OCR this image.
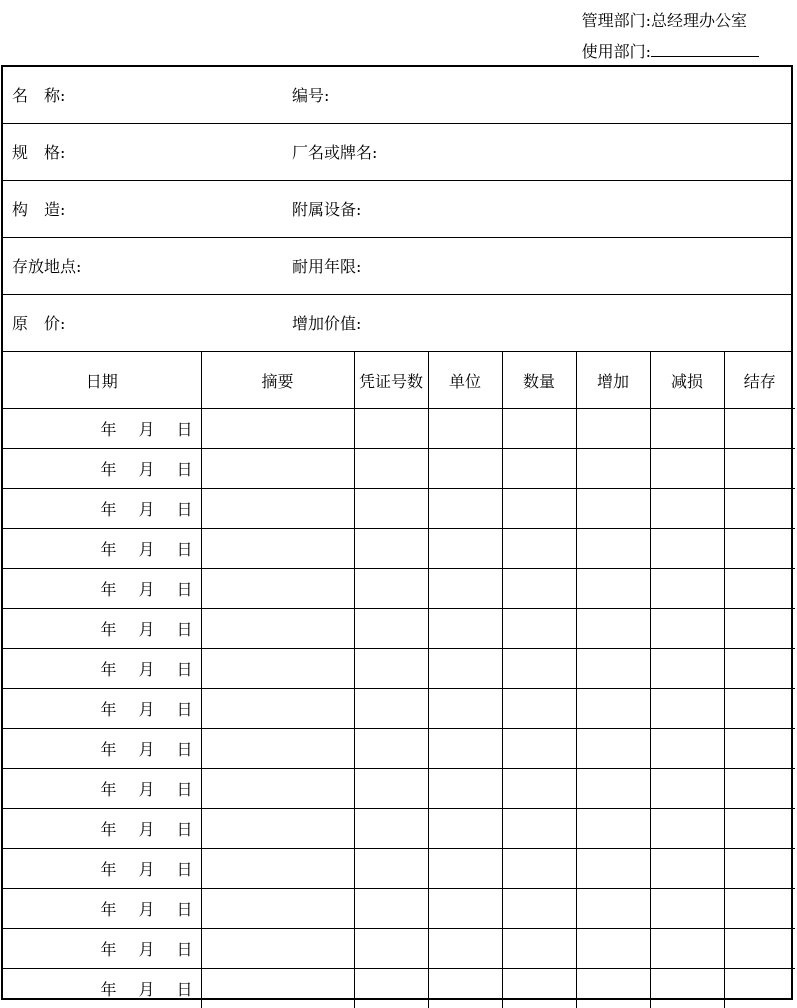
管理部门:总经理办公室
使用部门:
名　称:	编号:
规　格:	厂名或牌名:
构　造:	附属设备:
存放地点:	耐用年限:
原　价:	增加价值:
日期	摘要	凭证号数	单位	数量	增加	减损	结存
年 月 日							
年 月 日							
年 月 日							
年 月 日							
年 月 日							
年 月 日							
年 月 日							
年 月 日							
年 月 日							
年 月 日							
年 月 日							
年 月 日							
年 月 日							
年 月 日							
年 月 日							
